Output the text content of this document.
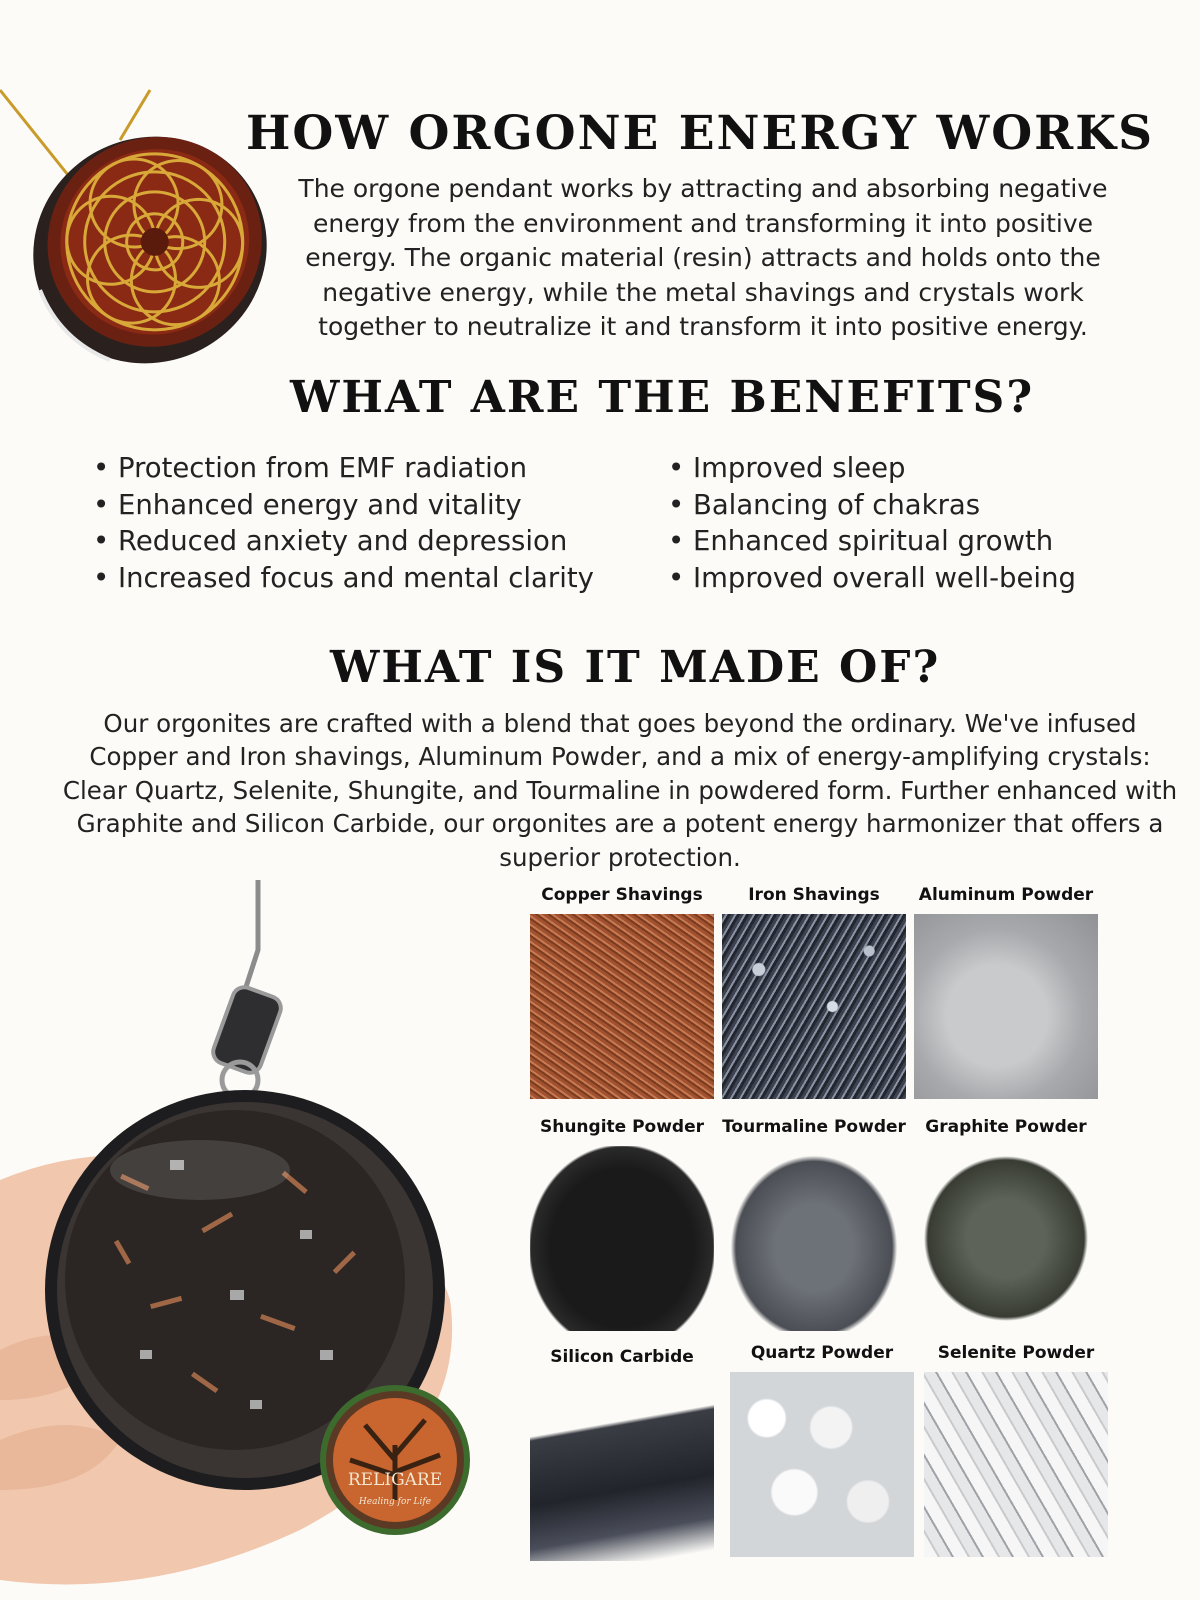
HOW ORGONE ENERGY WORKS
The orgone pendant works by attracting and absorbing negative energy from the environment and transforming it into positive energy. The organic material (resin) attracts and holds onto the negative energy, while the metal shavings and crystals work together to neutralize it and transform it into positive energy.
WHAT ARE THE BENEFITS?
• Protection from EMF radiation
• Enhanced energy and vitality
• Reduced anxiety and depression
• Increased focus and mental clarity
• Improved sleep
• Balancing of chakras
• Enhanced spiritual growth
• Improved overall well-being
WHAT IS IT MADE OF?
Our orgonites are crafted with a blend that goes beyond the ordinary. We've infused Copper and Iron shavings, Aluminum Powder, and a mix of energy-amplifying crystals: Clear Quartz, Selenite, Shungite, and Tourmaline in powdered form. Further enhanced with Graphite and Silicon Carbide, our orgonites are a potent energy harmonizer that offers a superior protection.
RELIGARE
Healing for Life
Copper Shavings	Iron Shavings	Aluminum Powder
Shungite Powder	Tourmaline Powder	Graphite Powder
Silicon Carbide	Quartz Powder	Selenite Powder
